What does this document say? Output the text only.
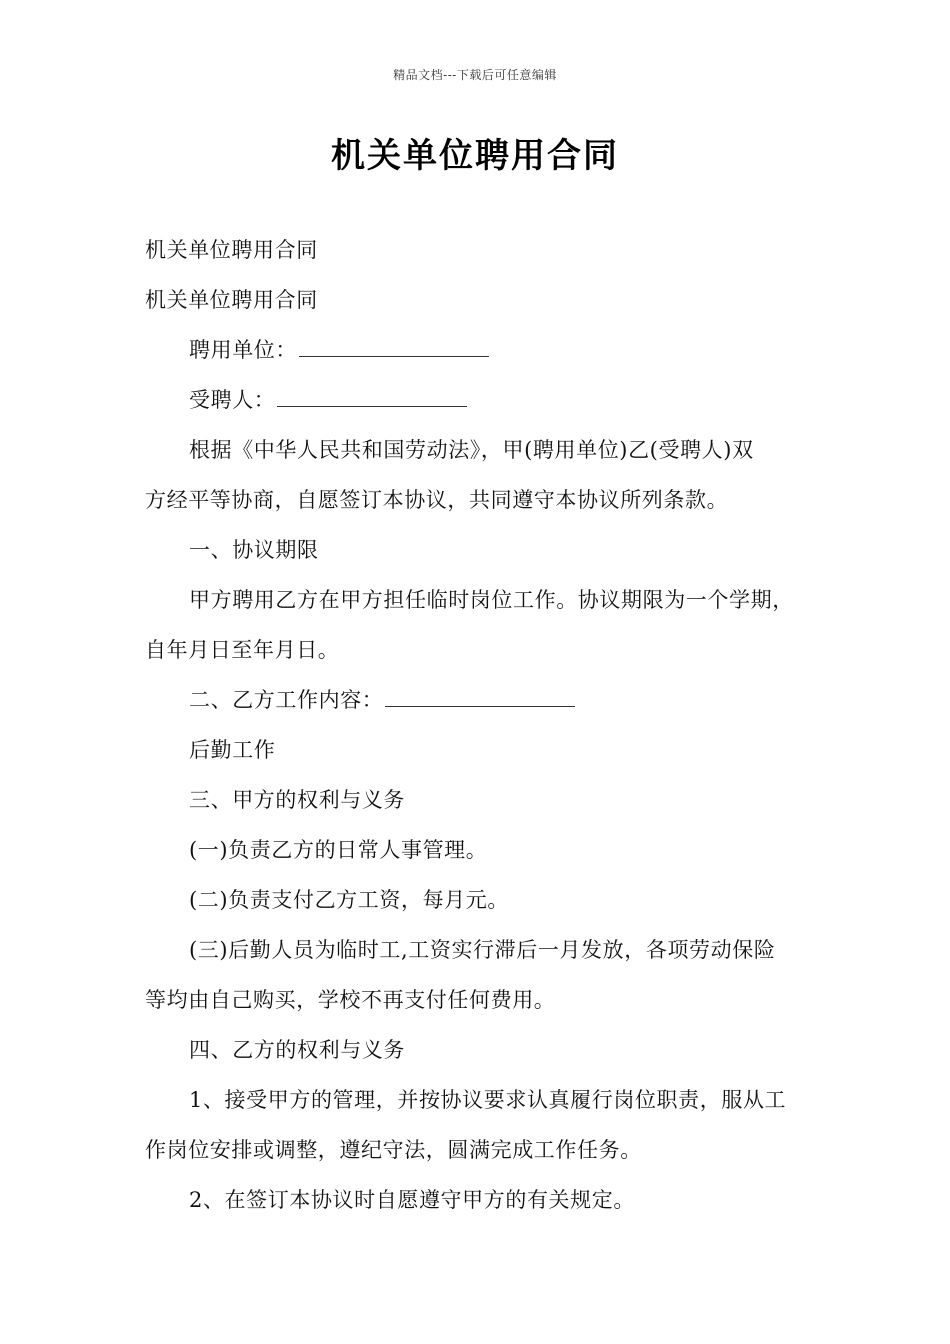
精品文档---下载后可任意编辑
机关单位聘用合同
机关单位聘用合同
机关单位聘用合同
聘用单位：
受聘人：
根据《中华人民共和国劳动法》，甲(聘用单位)乙(受聘人)双
方经平等协商，自愿签订本协议，共同遵守本协议所列条款。
一、协议期限
甲方聘用乙方在甲方担任临时岗位工作。协议期限为一个学期，
自年月日至年月日。
二、乙方工作内容：
后勤工作
三、甲方的权利与义务
(一)负责乙方的日常人事管理。
(二)负责支付乙方工资，每月元。
(三)后勤人员为临时工,工资实行滞后一月发放，各项劳动保险
等均由自己购买，学校不再支付任何费用。
四、乙方的权利与义务
1、接受甲方的管理，并按协议要求认真履行岗位职责，服从工
作岗位安排或调整，遵纪守法，圆满完成工作任务。
2、在签订本协议时自愿遵守甲方的有关规定。
